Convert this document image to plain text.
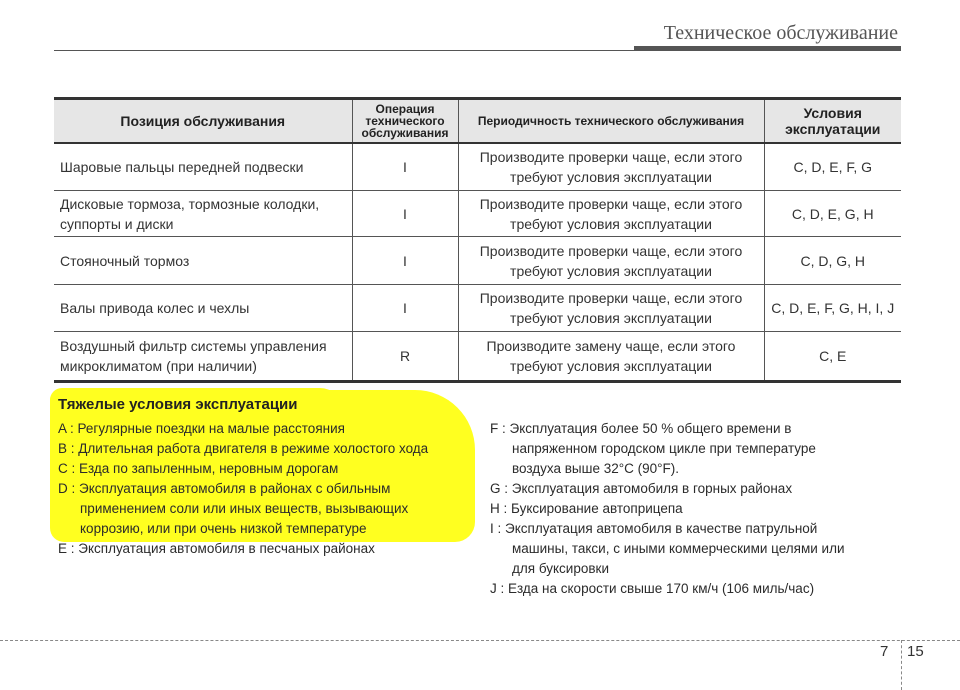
Техническое обслуживание
Позиция обслуживания	Операция технического обслуживания	Периодичность технического обслуживания	Условия эксплуатации
Шаровые пальцы передней подвески	I	Производите проверки чаще, если этого требуют условия эксплуатации	C, D, E, F, G
Дисковые тормоза, тормозные колодки, суппорты и диски	I	Производите проверки чаще, если этого требуют условия эксплуатации	C, D, E, G, H
Стояночный тормоз	I	Производите проверки чаще, если этого требуют условия эксплуатации	C, D, G, H
Валы привода колес и чехлы	I	Производите проверки чаще, если этого требуют условия эксплуатации	C, D, E, F, G, H, I, J
Воздушный фильтр системы управления микроклиматом (при наличии)	R	Производите замену чаще, если этого требуют условия эксплуатации	C, E
Тяжелые условия эксплуатации
A : Регулярные поездки на малые расстояния
B : Длительная работа двигателя в режиме холостого хода
C : Езда по запыленным, неровным дорогам
D : Эксплуатация автомобиля в районах с обильным
применением соли или иных веществ, вызывающих
коррозию, или при очень низкой температуре
E : Эксплуатация автомобиля в песчаных районах
F : Эксплуатация более 50 % общего времени в
напряженном городском цикле при температуре
воздуха выше 32°C (90°F).
G : Эксплуатация автомобиля в горных районах
H : Буксирование автоприцепа
I : Эксплуатация автомобиля в качестве патрульной
машины, такси, с иными коммерческими целями или
для буксировки
J : Езда на скорости свыше 170 км/ч (106 миль/час)
7 15
